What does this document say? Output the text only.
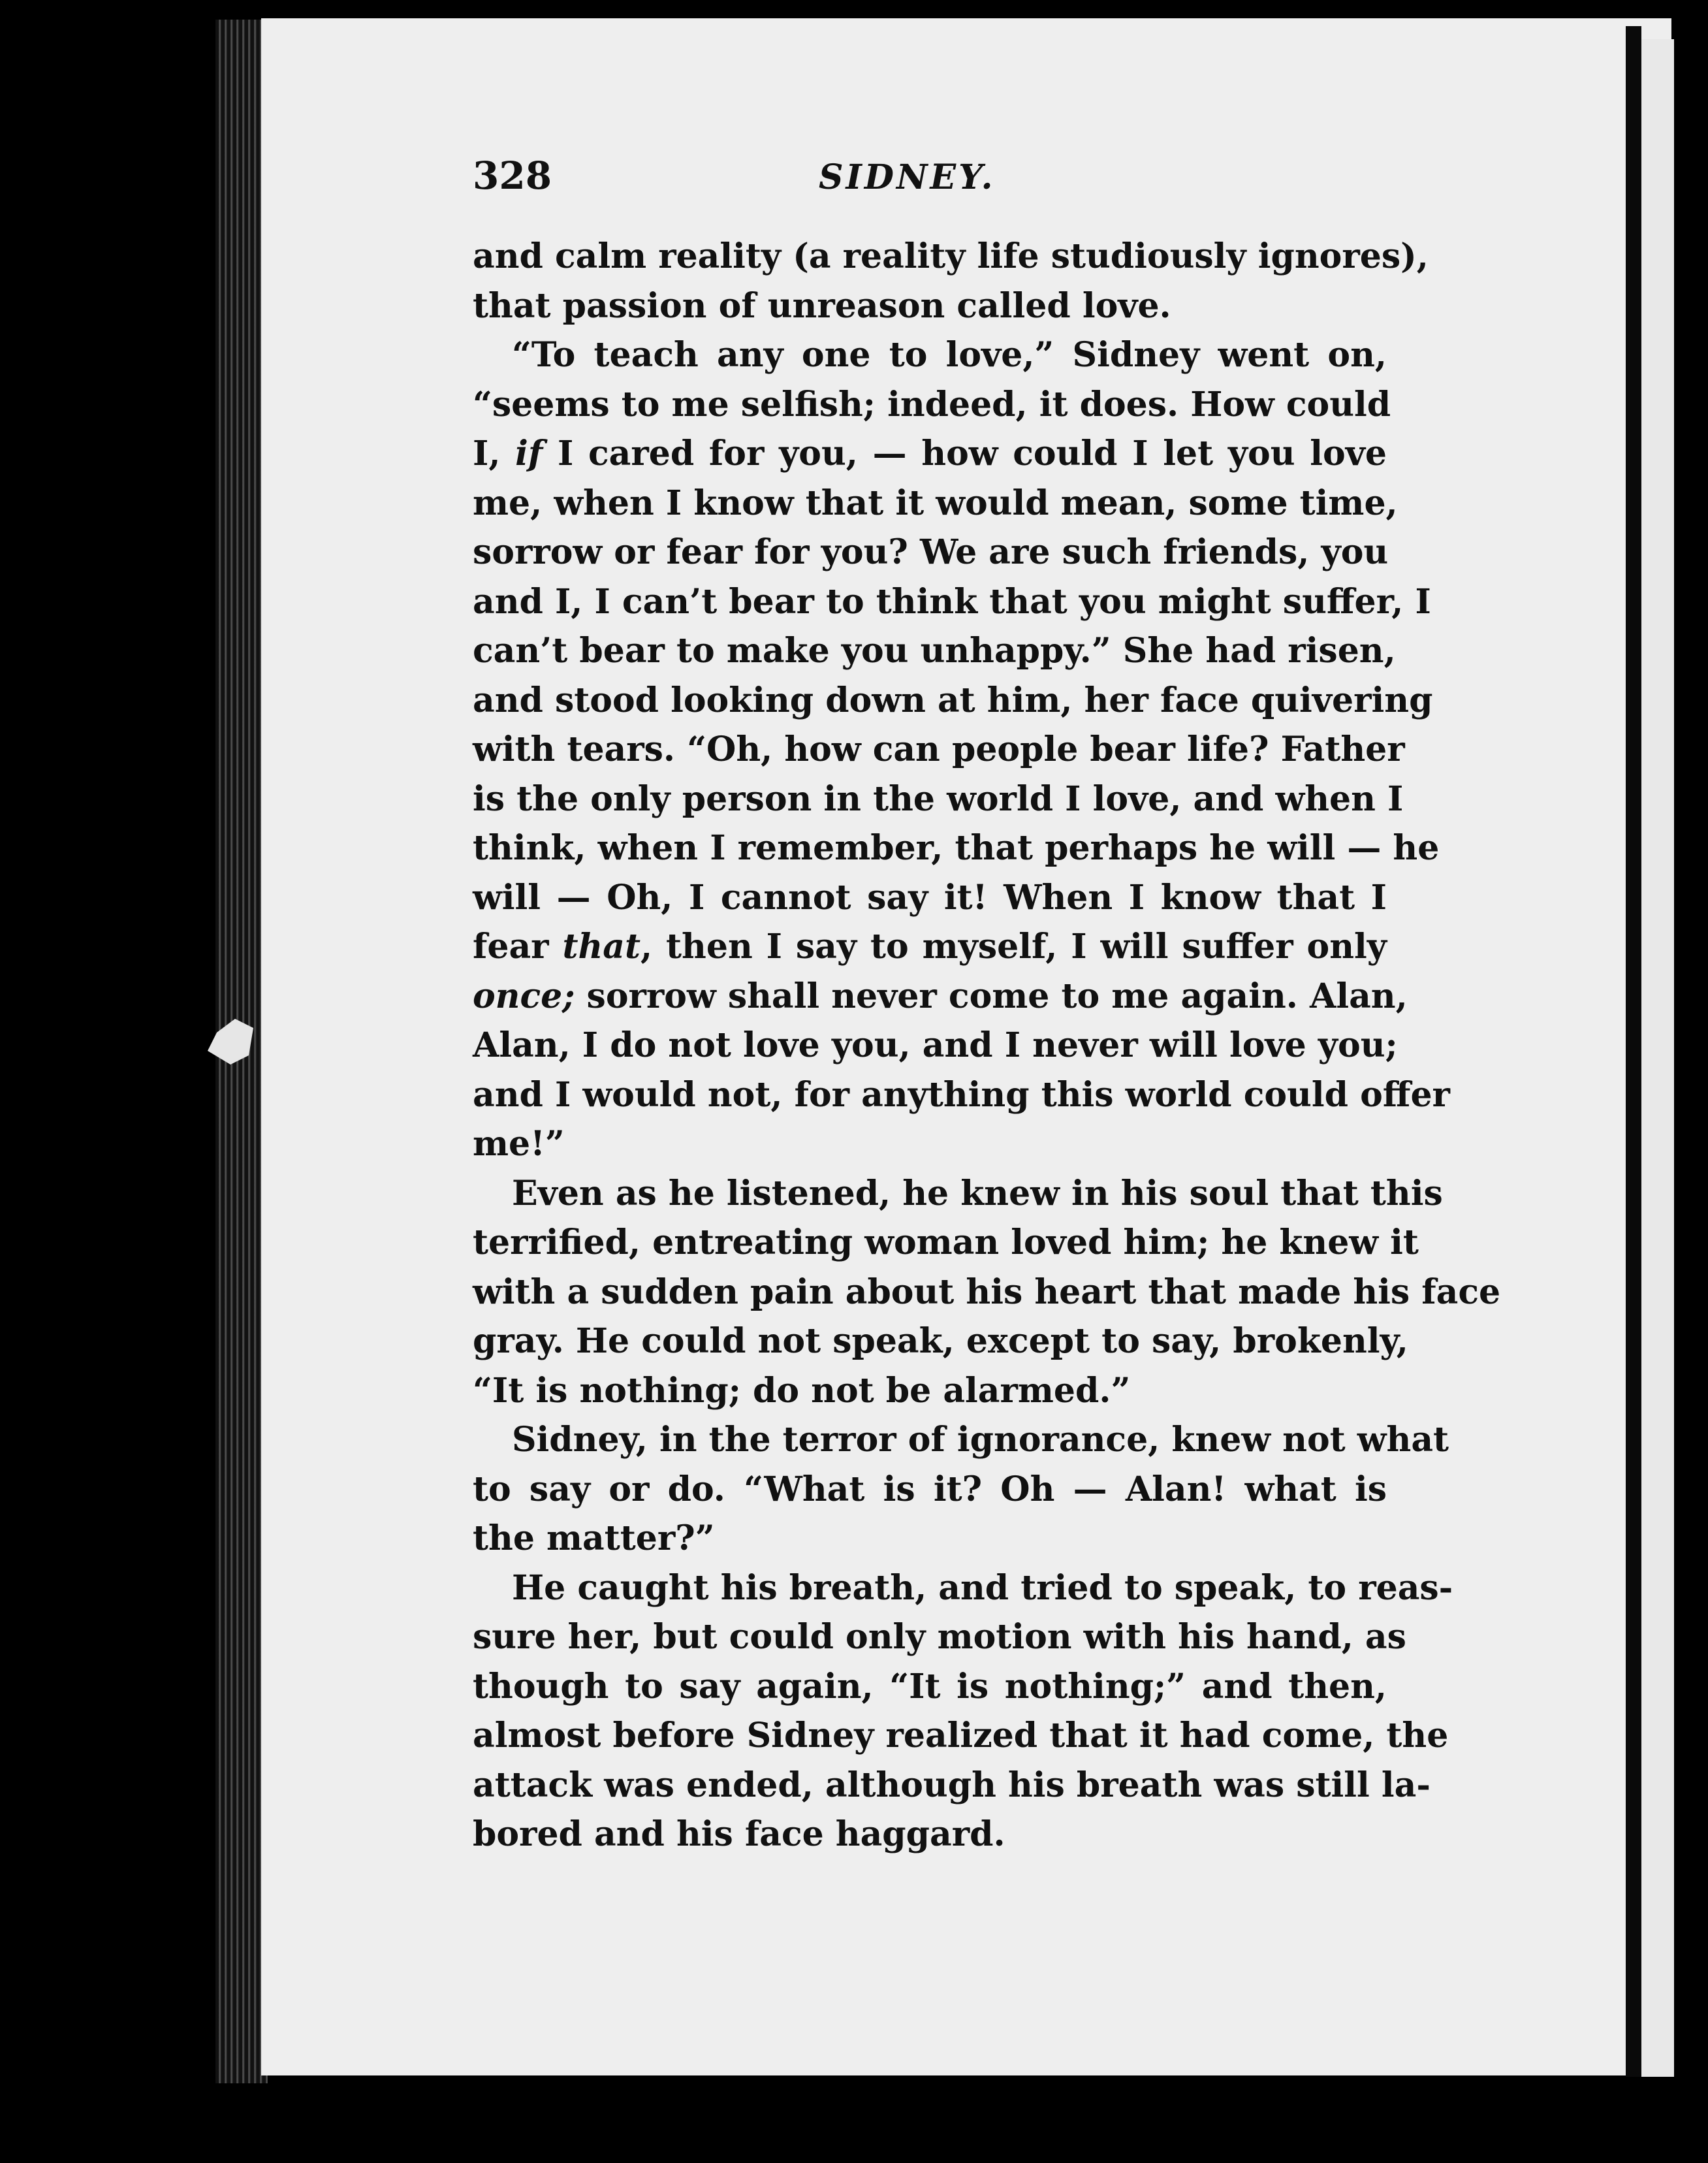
328	SIDNEY.
and calm reality (a reality life studiously ignores),
that passion of unreason called love.
“To teach any one to love,” Sidney went on,
“seems to me selfish; indeed, it does. How could
I, if I cared for you, — how could I let you love
me, when I know that it would mean, some time,
sorrow or fear for you? We are such friends, you
and I, I can’t bear to think that you might suffer, I
can’t bear to make you unhappy.” She had risen,
and stood looking down at him, her face quivering
with tears. “Oh, how can people bear life? Father
is the only person in the world I love, and when I
think, when I remember, that perhaps he will — he
will — Oh, I cannot say it! When I know that I
fear that, then I say to myself, I will suffer only
once; sorrow shall never come to me again. Alan,
Alan, I do not love you, and I never will love you;
and I would not, for anything this world could offer
me!”
Even as he listened, he knew in his soul that this
terrified, entreating woman loved him; he knew it
with a sudden pain about his heart that made his face
gray. He could not speak, except to say, brokenly,
“It is nothing; do not be alarmed.”
Sidney, in the terror of ignorance, knew not what
to say or do. “What is it? Oh — Alan! what is
the matter?”
He caught his breath, and tried to speak, to reas-
sure her, but could only motion with his hand, as
though to say again, “It is nothing;” and then,
almost before Sidney realized that it had come, the
attack was ended, although his breath was still la-
bored and his face haggard.
